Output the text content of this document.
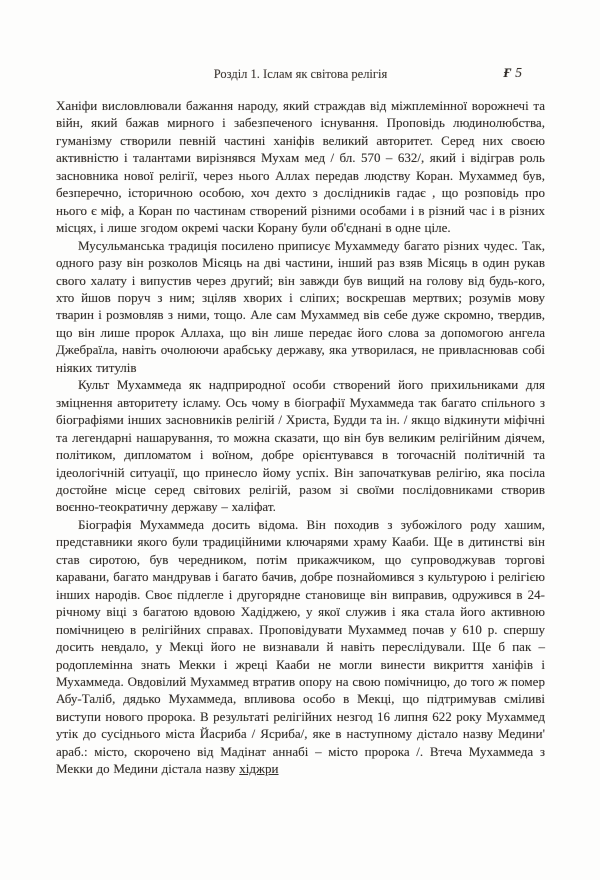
Розділ 1. Іслам як світова релігія	Ғ 5

Ханіфи висловлювали бажання народу, який страждав від міжплемінної ворожнечі та війн, який бажав мирного і забезпеченого існування. Проповідь людинолюбства, гуманізму створили певній частині ханіфів великий авторитет. Серед них своєю активністю і талантами вирізнявся Мухам мед / бл. 570 – 632/, який і відіграв роль засновника нової релігії, через нього Аллах передав людству Коран. Мухаммед був, безперечно, історичною особою, хоч дехто з дослідників гадає , що розповідь про нього є міф, а Коран по частинам створений різними особами і в різний час і в різних місцях, і лише згодом окремі часки Корану були об'єднані в одне ціле.

Мусульманська традиція посилено приписує Мухаммеду багато різних чудес. Так, одного разу він розколов Місяць на дві частини, інший раз взяв Місяць в один рукав свого халату і випустив через другий; він завжди був вищий на голову від будь-кого, хто йшов поруч з ним; зціляв хворих і сліпих; воскрешав мертвих; розумів мову тварин і розмовляв з ними, тощо. Але сам Мухаммед вів себе дуже скромно, твердив, що він лише пророк Аллаха, що він лише передає його слова за допомогою ангела Джебраїла, навіть очолюючи арабську державу, яка утворилася, не привласнював собі ніяких титулів

Культ Мухаммеда як надприродної особи створений його прихильниками для зміцнення авторитету ісламу. Ось чому в біографії Мухаммеда так багато спільного з біографіями інших засновників релігій / Христа, Будди та ін. / якщо відкинути міфічні та легендарні нашарування, то можна сказати, що він був великим релігійним діячем, політиком, дипломатом і воїном, добре орієнтувався в тогочасній політичній та ідеологічній ситуації, що принесло йому успіх. Він започаткував релігію, яка посіла достойне місце серед світових релігій, разом зі своїми послідовниками створив воєнно-теократичну державу – халіфат.

Біографія Мухаммеда досить відома. Він походив з зубожілого роду хашим, представники якого були традиційними ключарями храму Кааби. Ще в дитинстві він став сиротою, був чередником, потім прикажчиком, що супроводжував торгові каравани, багато мандрував і багато бачив, добре познайомився з культурою і релігією інших народів. Своє підлегле і другорядне становище він виправив, одружився в 24-річному віці з багатою вдовою Хадіджею, у якої служив і яка стала його активною помічницею в релігійних справах. Проповідувати Мухаммед почав у 610 р. спершу досить невдало, у Мекці його не визнавали й навіть переслідували. Ще б пак – родоплемінна знать Мекки і жреці Кааби не могли винести викриття ханіфів і Мухаммеда. Овдовілий Мухаммед втратив опору на свою помічницю, до того ж помер Абу-Таліб, дядько Мухаммеда, впливова особо в Мекці, що підтримував сміливі виступи нового пророка. В результаті релігійних незгод 16 липня 622 року Мухаммед утік до сусіднього міста Йасриба / Ясриба/, яке в наступному дістало назву Медини' араб.: місто, скорочено від Мадінат аннабі – місто пророка /. Втеча Мухаммеда з Мекки до Медини дістала назву хіджри
